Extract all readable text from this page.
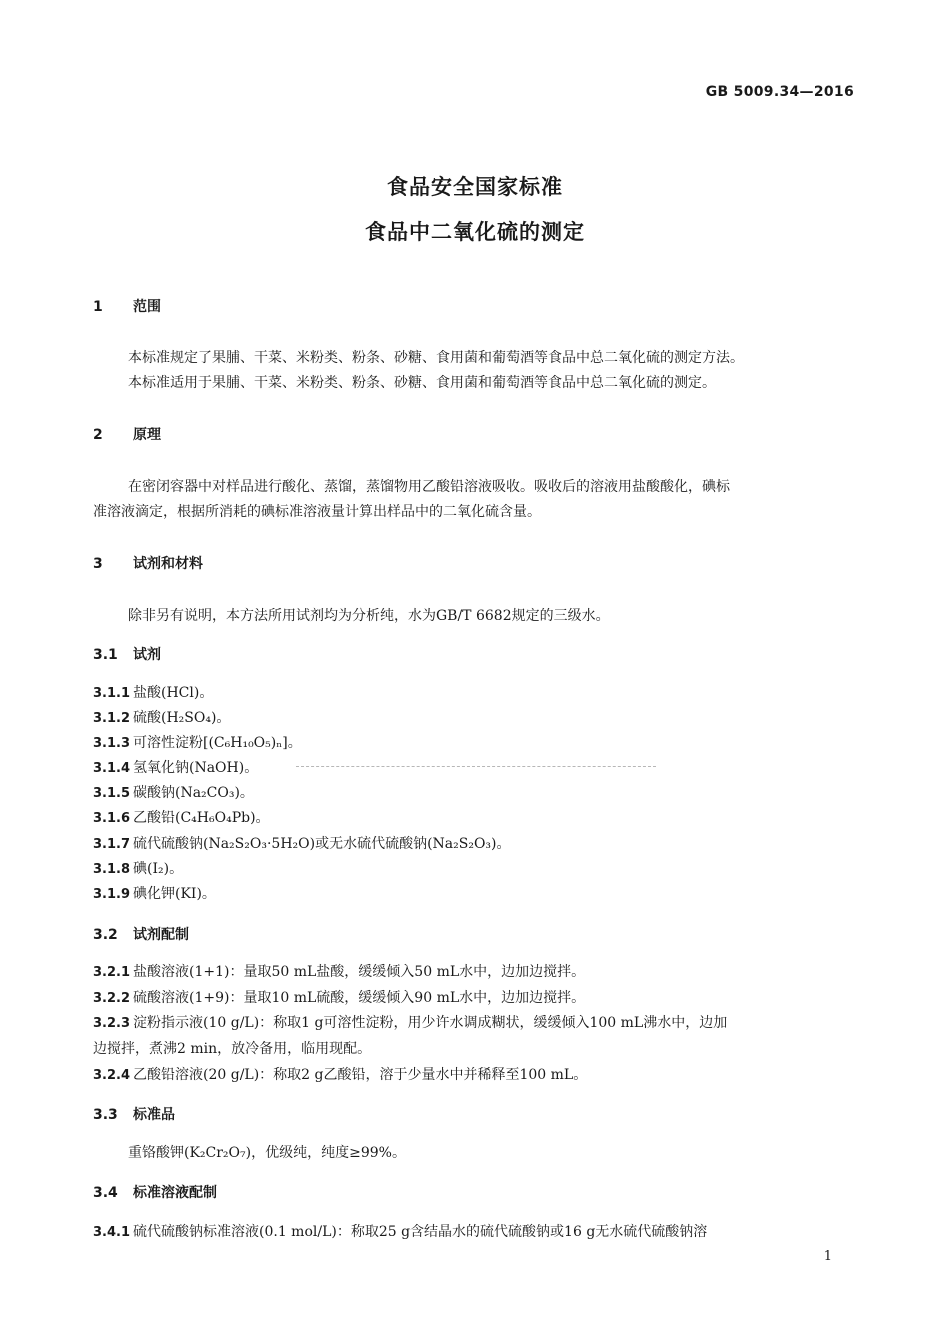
GB 5009.34—2016
食品安全国家标准
食品中二氧化硫的测定
1 范围
本标准规定了果脯、干菜、米粉类、粉条、砂糖、食用菌和葡萄酒等食品中总二氧化硫的测定方法。
本标准适用于果脯、干菜、米粉类、粉条、砂糖、食用菌和葡萄酒等食品中总二氧化硫的测定。
2 原理
在密闭容器中对样品进行酸化、蒸馏，蒸馏物用乙酸铅溶液吸收。吸收后的溶液用盐酸酸化，碘标
准溶液滴定，根据所消耗的碘标准溶液量计算出样品中的二氧化硫含量。
3 试剂和材料
除非另有说明，本方法所用试剂均为分析纯，水为GB/T 6682规定的三级水。
3.1 试剂
3.1.1 盐酸(HCl)。
3.1.2 硫酸(H₂SO₄)。
3.1.3 可溶性淀粉[(C₆H₁₀O₅)ₙ]。
3.1.4 氢氧化钠(NaOH)。
3.1.5 碳酸钠(Na₂CO₃)。
3.1.6 乙酸铅(C₄H₆O₄Pb)。
3.1.7 硫代硫酸钠(Na₂S₂O₃·5H₂O)或无水硫代硫酸钠(Na₂S₂O₃)。
3.1.8 碘(I₂)。
3.1.9 碘化钾(KI)。
3.2 试剂配制
3.2.1 盐酸溶液(1+1)：量取50 mL盐酸，缓缓倾入50 mL水中，边加边搅拌。
3.2.2 硫酸溶液(1+9)：量取10 mL硫酸，缓缓倾入90 mL水中，边加边搅拌。
3.2.3 淀粉指示液(10 g/L)：称取1 g可溶性淀粉，用少许水调成糊状，缓缓倾入100 mL沸水中，边加
边搅拌，煮沸2 min，放冷备用，临用现配。
3.2.4 乙酸铅溶液(20 g/L)：称取2 g乙酸铅，溶于少量水中并稀释至100 mL。
3.3 标准品
重铬酸钾(K₂Cr₂O₇)，优级纯，纯度≥99%。
3.4 标准溶液配制
3.4.1 硫代硫酸钠标准溶液(0.1 mol/L)：称取25 g含结晶水的硫代硫酸钠或16 g无水硫代硫酸钠溶
1
